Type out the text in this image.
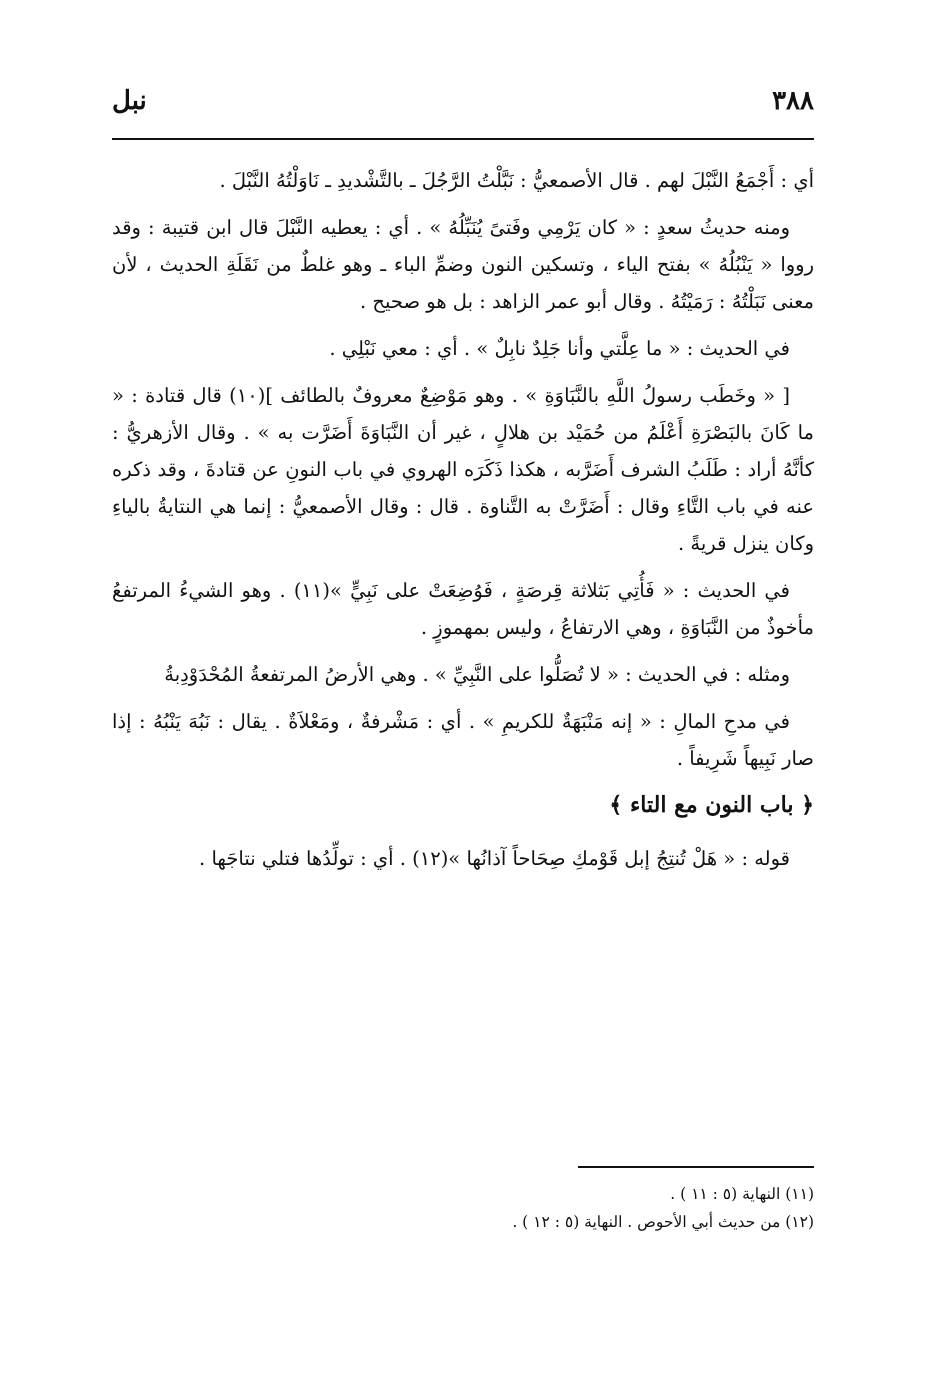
٣٨٨
نبل

أي : أَجْمَعُ النَّبْلَ لهم . قال الأصمعيُّ : نَبَّلْتُ الرَّجُلَ ـ بالتَّشْديدِ ـ نَاوَلْتُهُ النَّبْلَ .

ومنه حديثُ سعدٍ : « كان يَرْمِي وفَتىً يُنَبِّلُهُ » . أي : يعطيه النَّبْلَ قال ابن قتيبة : وقد رووا « يَنْبُلُهُ » بفتح الياء ، وتسكين النون وضمِّ الباء ـ وهو غلطٌ من نَقَلَةِ الحديث ، لأن معنى نَبَلْتُهُ : رَمَيْتُهُ . وقال أبو عمر الزاهد : بل هو صحيح .

في الحديث : « ما عِلَّتي وأنا جَلِدٌ نابِلٌ » . أي : معي نَبْلِي .

[ « وخَطَب رسولُ اللَّهِ بالنَّبَاوَةِ » . وهو مَوْضِعٌ معروفٌ بالطائف ](١٠) قال قتادة : « ما كَانَ بالبَصْرَةِ أَعْلَمُ من حُمَيْد بن هلالٍ ، غير أن النَّبَاوَةَ أَضَرَّت به » . وقال الأزهريُّ : كأنَّهُ أراد : طَلَبُ الشرف أَضَرَّبه ، هكذا ذَكَرَه الهروي في باب النونِ عن قتادةَ ، وقد ذكره عنه في باب التَّاءِ وقال : أَضَرَّتْ به التَّناوة . قال : وقال الأصمعيُّ : إنما هي النتايةُ بالياءِ وكان ينزل قريةً .

في الحديث : « فَأُتِي بَثلاثة قِرصَةٍ ، فَوُضِعَتْ على نَبِيٍّ »(١١) . وهو الشيءُ المرتفعُ مأخوذٌ من النَّبَاوَةِ ، وهي الارتفاعُ ، وليس بمهموزٍ .

ومثله : في الحديث : « لا تُصَلُّوا على النَّبِيِّ » . وهي الأرضُ المرتفعةُ المُحْدَوْدِبةُ

في مدحِ المالِ : « إنه مَنْبَهَةٌ للكريمِ » . أي : مَشْرفةٌ ، ومَعْلاَةٌ . يقال : نَبُهَ يَنْبُهُ : إذا صار نَبِيهاً شَرِيفاً .

﴿ باب النون مع التاء ﴾

قوله : « هَلْ تُنتِجُ إبل قَوْمكِ صِحَاحاً آذانُها »(١٢) . أي : تولِّدُها فتلي نتاجَها .

(١١) النهاية (٥ : ١١ ) .

(١٢) من حديث أبي الأحوص . النهاية (٥ : ١٢ ) .
